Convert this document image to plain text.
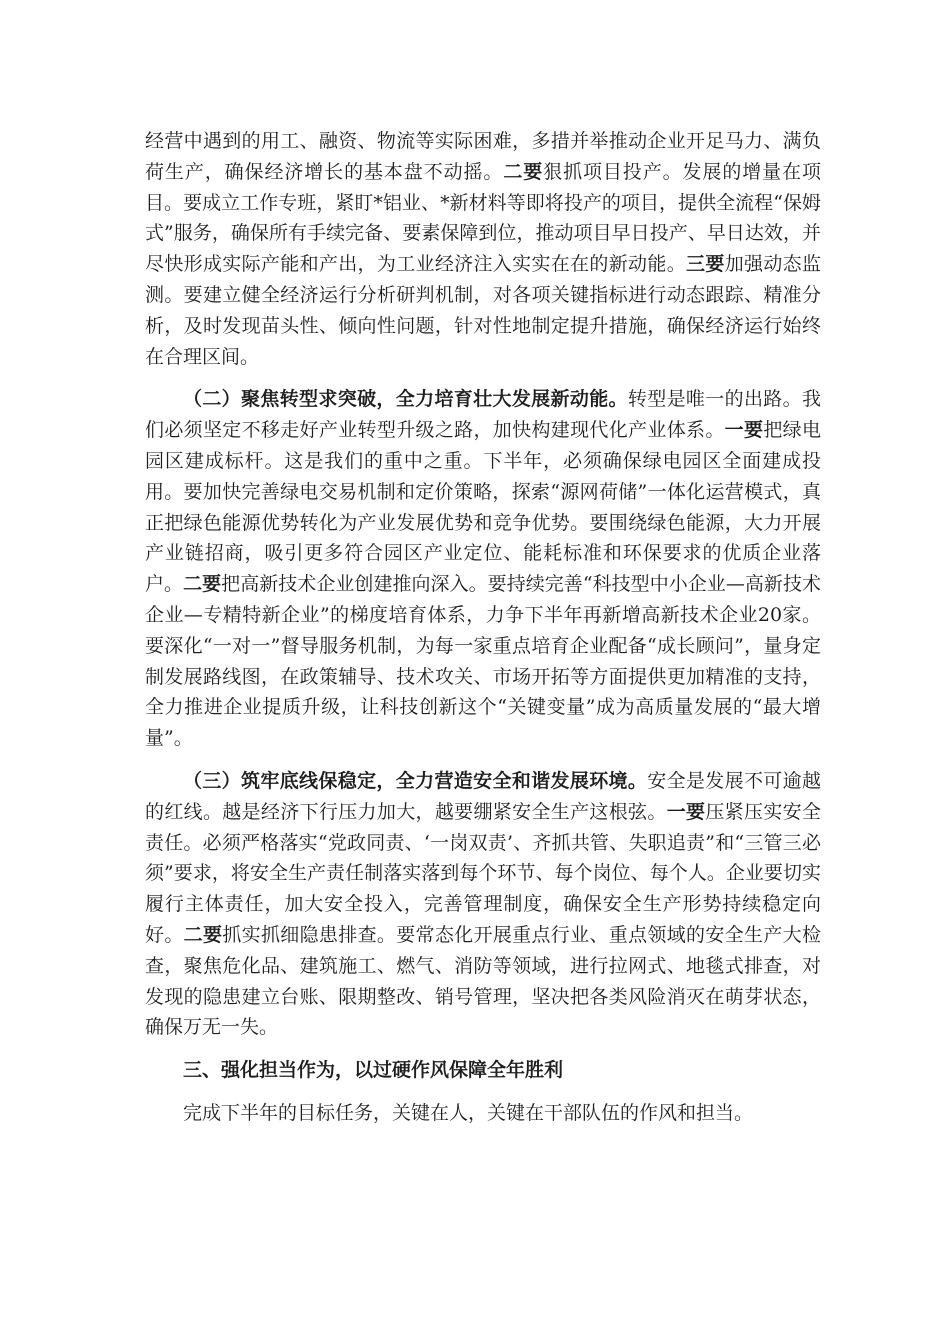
经营中遇到的用工、融资、物流等实际困难，多措并举推动企业开足马力、满负荷生产，确保经济增长的基本盘不动摇。二要狠抓项目投产。发展的增量在项目。要成立工作专班，紧盯*铝业、*新材料等即将投产的项目，提供全流程“保姆式”服务，确保所有手续完备、要素保障到位，推动项目早日投产、早日达效，并尽快形成实际产能和产出，为工业经济注入实实在在的新动能。三要加强动态监测。要建立健全经济运行分析研判机制，对各项关键指标进行动态跟踪、精准分析，及时发现苗头性、倾向性问题，针对性地制定提升措施，确保经济运行始终在合理区间。

（二）聚焦转型求突破，全力培育壮大发展新动能。转型是唯一的出路。我们必须坚定不移走好产业转型升级之路，加快构建现代化产业体系。一要把绿电园区建成标杆。这是我们的重中之重。下半年，必须确保绿电园区全面建成投用。要加快完善绿电交易机制和定价策略，探索“源网荷储”一体化运营模式，真正把绿色能源优势转化为产业发展优势和竞争优势。要围绕绿色能源，大力开展产业链招商，吸引更多符合园区产业定位、能耗标准和环保要求的优质企业落户。二要把高新技术企业创建推向深入。要持续完善“科技型中小企业—高新技术企业—专精特新企业”的梯度培育体系，力争下半年再新增高新技术企业20家。要深化“一对一”督导服务机制，为每一家重点培育企业配备“成长顾问”，量身定制发展路线图，在政策辅导、技术攻关、市场开拓等方面提供更加精准的支持，全力推进企业提质升级，让科技创新这个“关键变量”成为高质量发展的“最大增量”。

（三）筑牢底线保稳定，全力营造安全和谐发展环境。安全是发展不可逾越的红线。越是经济下行压力加大，越要绷紧安全生产这根弦。一要压紧压实安全责任。必须严格落实“党政同责、‘一岗双责’、齐抓共管、失职追责”和“三管三必须”要求，将安全生产责任制落实落到每个环节、每个岗位、每个人。企业要切实履行主体责任，加大安全投入，完善管理制度，确保安全生产形势持续稳定向好。二要抓实抓细隐患排查。要常态化开展重点行业、重点领域的安全生产大检查，聚焦危化品、建筑施工、燃气、消防等领域，进行拉网式、地毯式排查，对发现的隐患建立台账、限期整改、销号管理，坚决把各类风险消灭在萌芽状态，确保万无一失。

三、强化担当作为，以过硬作风保障全年胜利

完成下半年的目标任务，关键在人，关键在干部队伍的作风和担当。
